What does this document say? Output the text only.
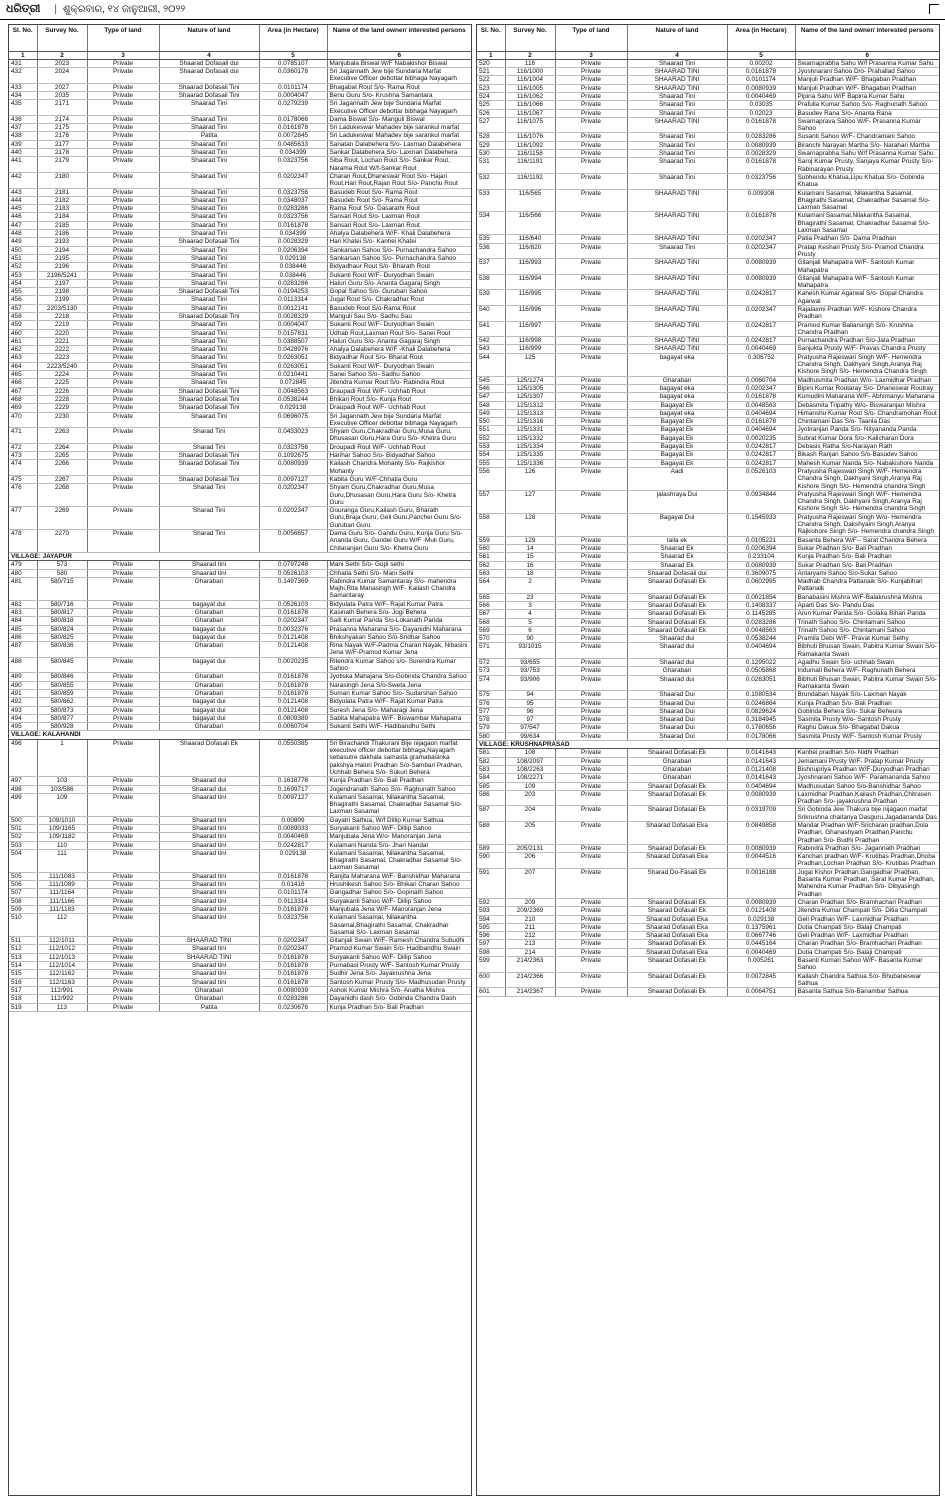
ଧରିତ୍ରୀ | ଶୁକ୍ରବାର, ୧୪ ଜାନୁଆରୀ, ୨୦୨୨
Sl. No.	Survey No.	Type of land	Nature of land	Area (in Hectare)	Name of the land owner/ interested persons
1	2	3	4	5	6
431	2023	Private	Shaarad Dofasali dui	0.0785107	Manjubala Biswal W/F Nabakishor Biswal
432	2024	Private	Shaarad Dofasali dui	0.0360178	Sri Jagannath Jew bije Sundaria Marfat Executive Officer debottar bibhaga Nayagarh
433	2027	Private	Shaarad Dofasali Tini	0.0101174	Bhagabat Rout S/o- Rama Rout
434	2035	Private	Shaarad Dofasali Tini	0.0004047	Benu Guru S/o- Krushna Samantara
435	2171	Private	Shaarad Tini	0.0279239	Sri Jagannath Jew bije Sundaria Marfat Executive Officer debottar bibhaga Nayagarh
436	2174	Private	Shaarad Tini	0.0178066	Dama Biswal S/o- Manguli Biswal
437	2175	Private	Shaarad Tini	0.0161878	Sri Ladukeswar Mahadev bije sarankul marfat
438	2176	Private	Patita	0.0072845	Sri Ladukeswar Mahadev bije sarankul marfat
439	2177	Private	Shaarad Tini	0.0485633	Sanatan Dalabehera S/o- Laxman Dalabehera
440	2178	Private	Shaarad Tini	0.034399	Sankar Dalabehera S/o- Laxman Dalabehera
441	2179	Private	Shaarad Tini	0.0323756	Siba Rout, Lochan Rout S/o- Sankar Rout, Narama Rout W/f-Sankar Rout
442	2180	Private	Shaarad Tini	0.0202347	Charan Rout,Dhaneswar Rout S/o- Hajari Rout,Hari Rout,Rajan Rout S/o- Panchu Rout
443	2181	Private	Shaarad Tini	0.0323756	Basudeb Rout S/o- Rama Rout
444	2182	Private	Shaarad Tini	0.0348037	Basudeb Rout S/o- Rama Rout
445	2183	Private	Shaarad Tini	0.0283286	Rama Rout S/o- Dasarathi Rout
446	2184	Private	Shaarad Tini	0.0323756	Sansari Rout S/o- Laxman Rout
447	2185	Private	Shaarad Tini	0.0161878	Sansari Rout S/o- Laxman Rout
448	2186	Private	Shaarad Tini	0.034399	Ahalya Dalabehera W/F- Khali Dalabehera
449	2193	Private	Shaarad Dofasali Tini	0.0028329	Hari Khatei S/o- Kanhei Khatei
450	2194	Private	Shaarad Tini	0.0206394	Sankarsan Sahoo S/o- Purnachandra Sahoo
451	2195	Private	Shaarad Tini	0.029138	Sankarsan Sahoo S/o- Purnachandra Sahoo
452	2196	Private	Shaarad Tini	0.038446	Bidyadhaur Rout S/o- Bharath Rout
453	2196/5241	Private	Shaarad Tini	0.038446	Sukanti Rout W/F- Duryodhan Swain
454	2197	Private	Shaarad Tini	0.0283286	Haluri Guru S/o- Ananta Gagaraj Singh
455	2198	Private	Shaarad Dofasali Tini	0.0194253	Gopal Sahoo S/o- Gurubari Sahoo
456	2199	Private	Shaarad Tini	0.0113314	Jugal Rout S/o- Chakradhar Rout
457	2203/5130	Private	Shaarad Tini	0.0012141	Basudeb Rout S/o-Rama Rout
458	2218	Private	Shaarad Dofasali Tini	0.0028329	Manguli Sau S/o- Sadhu Sau
459	2219	Private	Shaarad Tini	0.0004047	Sukanti Rout W/F- Duryodhan Swain
460	2220	Private	Shaarad Tini	0.0157831	Udhab Rout,Laxman Rout S/o- Sanei Rout
461	2221	Private	Shaarad Tini	0.0388507	Haluri Guru S/o- Ananta Gagaraj Singh
462	2222	Private	Shaarad Tini	0.0428976	Ahalya Dalabehera W/F -Khali Dalabehera
463	2223	Private	Shaarad Tini	0.0263051	Bidyadhar Rout S/o- Bharat Rout
464	2223/5240	Private	Shaarad Tini	0.0263051	Sukanti Rout W/F- Duryodhan Swain
465	2224	Private	Shaarad Tini	0.0210441	Sanei Sahoo S/o- Sadhu Sahoo
466	2225	Private	Shaarad Tini	0.072845	Jitendra Kumar Rout S/o- Rabindra Rout
467	2226	Private	Shaarad Dofasali Tini	0.0048563	Draupadi Rout W/F- Uchhab Rout
468	2228	Private	Shaarad Dofasali Tini	0.0538244	Bhikari Rout S/o- Kunja Rout
469	2229	Private	Shaarad Dofasali Tini	0.029138	Draupadi Rout W/F- Uchhab Rout
470	2230	Private	Shaarad Tini	0.0696075	Sri Jagannath Jew bije Sundaria Marfat Executive Officer debottar bibhaga Nayagarh
471	2263	Private	Sharad Tini	0.0433023	Shyam Guru,Chakradhar Guru,Musa Guru, Dhusasan Guru,Hara Guru S/o- Khetra Guru
472	2264	Private	Sharad Tini	0.0323756	Droupadi Rout W/F- Uchhab Rout
473	2265	Private	Shaarad Dofasali Tini	0.1092675	Harihar Sahoo S/o- Bidyadhar Sahoo
474	2266	Private	Shaarad Dofasali Tini	0.0080939	Kailash Chandra Mohanty S/o- Rajkishor Mohanty
475	2267	Private	Shaarad Dofasali Tini	0.0097127	Kabita Guru W/F-Chhatia Guru
476	2268	Private	Sharad Tini	0.0202347	Shyam Guru,Chakradhar Guru,Musa Guru,Dhusasan Guru,Hara Guru S/o- Khetra Guru
477	2269	Private	Sharad Tini	0.0202347	Gouranga Guru,Kailash Guru, Bharath Guru,Braja Guru, Geli Guru,Panchei Guru S/o- Gurubari Guru
478	2270	Private	Sharad Tini	0.0056657	Dama Guru S/o- Gandu Guru, Kunja Guru S/o- Ananda Guru, Gandei Guru W/F -Muli Guru, Chitaranjan Guru S/o- Khetra Guru
VILLAGE: JAYAPUR					
479	573	Private	Shaarad tini	0.0797248	Mani Sethi S/o- Gopi sethi
480	580	Private	Shaarad tini	0.0526103	Chhatia Sethi S/o- Mani Sethi
481	580/715	Private	Gharabari	0.1497369	Rabindra Kumar Samantaray S/o- mahendra Majhi,Rita Manasingh W/F- Kailash Chandra Samantaray
482	580/716	Private	bagayat dui	0.0526103	Bidyulata Patra W/F- Rajat Kumar Patra
483	580/817	Private	Gharabari	0.0161878	Kasinath Behera S/o- Jogi Behera
484	580/818	Private	Gharabari	0.0202347	Salil Kumar Parida S/o-Lokanath Parida
485	580/824	Private	bagayat dui	0.0032376	Prasanna Maharana S/o- Dayanidhi Maharana
486	580/825	Private	bagayat dui	0.0121408	Bhikshyakari Sahoo S/o-Sridhar Sahoo
487	580/836	Private	Gharabari	0.0121408	Rina Nayak W/F-Padma Charan Nayak, Nibasini Jena W/F-Pramod Kumar Jena
488	580/845	Private	bagayat dui	0.0020235	Ritendra Kumar Sahoo s/o- Surendra Kumar Sahoo
489	580/846	Private	Gharabari	0.0161878	Jyotiska Mahajana S/o-Gobinda Chandra Sahoo
490	580/855	Private	Gharabari	0.0161878	Narasingh Jena S/o-Sweta Jena
491	580/859	Private	Gharabari	0.0161878	Suman Kumar Sahoo S/o- Sudarshan Sahoo
492	580/862	Private	bagayat dui	0.0121408	Bidyulata Patra W/F- Rajat Kumar Patra
493	580/873	Private	bagayat dui	0.0121408	Suresh Jena S/o- Maharagi Jena
494	580/877	Private	bagayat dui	0.0809389	Sabita Mahapatra W/F- Biswambar Mahapatra
495	580/928	Private	Gharabari	0.0060704	Sukanti Sethi W/F- Hadibandhu Sethi
VILLAGE: KALAHANDI					
496	1	Private	Shaarad Dofasali Ek	0.0550385	Sri Birachandi Thakurani Bije nijagaon marfat executive officer debottar bibhaga,Nayagarh sebasutre dakhala samasta gramabasinka pakshya Haluri Pradhan S/o-Sambari Pradhan, Uchhab Behera S/o- Sukuri Behera
497	103	Private	Shaarad dui	0.1618778	Kunja Pradhan S/o- Bali Pradhan
498	103/586	Private	Shaarad dui	0.1699717	Jogendranath Sahoo S/o- Raghunath Sahoo
499	109	Private	Shaarad tini	0.0097127	Kulamani Sasamal, Nilakantha Sasamal, Bhagirathi Sasamal, Chakradhar Sasamal S/o- Laxman Sasamal
500	109/1010	Private	Shaarad tini	0.00809	Gayatri Sathua, W/f Dillip Kumar Sathua
501	109/1165	Private	Shaarad tini	0.0089033	Suryakanti Sahoo W/F- Dillip Sahoo
502	109/1182	Private	Shaarad tini	0.0040469	Manjubala Jena W/o- Manoranjan Jena
503	110	Private	Shaarad tini	0.0242817	Kulamani Nanda S/o- Jhari Nandal
504	111	Private	Shaarad tini	0.029138	Kulamani Sasamal, Nilakantha Sasamal, Bhagirathi Sasamal, Chakradhar Sasamal S/o- Laxman Sasamal
505	111/1083	Private	Shaarad tini	0.0161878	Ranjita Maharana W/F- Banshidhar Maharana
506	111/1089	Private	Shaarad tini	0.01416	Hrushikesh Sahoo S/o- Bhikari Charan Sahoo
507	111/1164	Private	Shaarad tini	0.0101174	Gangadhar Sahoo S/o- Gopinath Sahoo
508	111/1166	Private	Shaarad tini	0.0113314	Suryakanti Sahoo W/F- Dillip Sahoo
509	111/1183	Private	Shaarad tini	0.0161878	Manjubala Jena W/F- Manoranjan Jena
510	112	Private	Shaarad tini	0.0323756	Kulamani Sasamal, Nilakantha Sasamal,Bhagirathi Sasamal, Chakradhar Sasamal S/o- Laxman Sasamal
511	112/1011	Private	SHAARAD TINI	0.0202347	Gitanjali Swain W/F- Ramesh Chandra Subudhi
512	112/1012	Private	Shaarad tini	0.0202347	Pramod Kumar Swain S/o- Hadibandhu Swain
513	112/1013	Private	SHAARAD TINI	0.0161878	Suryakanti Sahoo W/F- Dillip Sahoo
514	112/1014	Private	Shaarad tini	0.0161878	Purnabasi Prusty W/F- Santosh Kumar Prusty
515	112/1162	Private	Shaarad tini	0.0161878	Sudhir Jena S/o- Jayakrushna Jena
516	112/1163	Private	Shaarad tini	0.0161878	Santosh Kumar Prusty S/o- Madhusudan Prusty
517	112/991	Private	Gharabari	0.0080939	Ashok Kumar Mishra S/o- Anatha Mishra
518	112/992	Private	Gharabari	0.0283286	Dayanidhi dash S/o- Gobinda Chandra Dash
519	113	Private	Patita	0.0230676	Kunja Pradhan S/o- Bali Pradhan
Sl. No.	Survey No.	Type of land	Nature of land	Area (in Hectare)	Name of the land owner/ interested persons
1	2	3	4	5	6
520	116	Private	Shaarad Tini	0.00202	Swarnaprabha Sahu W/f Prasanna Kumar Sahu
521	116/1000	Private	SHAARAD TINI	0.0161878	Jyoshnarani Sahoo D/o- Prahallad Sahoo
522	116/1004	Private	SHAARAD TINI	0.0101174	Manjuli Pradhan W/F- Bhagaban Pradhan
523	116/1005	Private	SHAARAD TINI	0.0080939	Manjuli Pradhan W/F- Bhagaban Pradhan
524	116/1062	Private	Shaarad Tini	0.0040469	Pipina Sahu W/F Bapina Kumar Sahu
525	116/1066	Private	Shaarad Tini	0.03035	Prafulla Kumar Sahoo S/o- Raghunath Sahoo
526	116/1067	Private	Shaarad Tini	0.02023	Basudev Rana S/o- Ananta Rana
527	116/1075	Private	SHAARAD TINI	0.0161878	Swarnaprava Sahoo W/F- Prasanna Kumar Sahoo
528	116/1076	Private	Shaarad Tini	0.0283286	Susanti Sahoo W/F- Chandramani Sahoo
529	116/1092	Private	Shaarad Tini	0.0080939	Biranchi Narayan Martha S/o- Narahari Martha
530	116/1158	Private	Shaarad Tini	0.0028329	Swarnaprabha Sahu W/f Prasanna Kumar Sahu
531	116/1191	Private	Shaarad Tini	0.0161878	Saroj Kumar Prusty, Sanjaya Kumar Prusty S/o- Rabinarayan Prusty
532	116/1192	Private	Shaarad Tini	0.0323756	Subhendu Khatua,Lipu Khatua S/o- Gobinda Khatua
533	116/565	Private	SHAARAD TINI	0.009308	Kulamani Sasamal, Nilakantha Sasamal, Bhagirathi Sasamal, Chakradhar Sasamal S/o- Laxman Sasamal
534	116/566	Private	SHAARAD TINI	0.0161878	Kulamani Sasamal,Nilakantha Sasamal, Bhagirathi Sasamal, Chakradhar Sasamal S/o- Laxman Sasamal
535	116/640	Private	SHAARAD TINI	0.0202347	Patia Pradhan S/o- Dama Pradhan
536	116/820	Private	Shaarad Tini	0.0202347	Pratap Keshari Prusty S/o- Pramod Chandra Prusty
537	116/993	Private	SHAARAD TINI	0.0080939	Gitanjali Mahapatra W/F- Santosh Kumar Mahapatra
538	116/994	Private	SHAARAD TINI	0.0080939	Gitanjali Mahapatra W/F- Santosh Kumar Mahapatra
539	116/995	Private	SHAARAD TINI	0.0242817	Kahesh Kumar Agarwal S/o- Gopal Chandra Agarwal
540	116/996	Private	SHAARAD TINI	0.0202347	Rajalaxmi Pradhan W/F- Kishore Chandra Pradhan
541	116/997	Private	SHAARAD TINI	0.0242817	Pramod Kumar Baliarsingh S/o- Krushna Chandra Pradhan
542	116/998	Private	SHAARAD TINI	0.0242817	Purnachandra Pradhan S/o-Jata Pradhan
543	116/999	Private	SHAARAD TINI	0.0040469	Sanjukta Prusty W/F- Pravas Chandra Prusty
544	125	Private	bagayat eka	0.306752	Pratyusha Rajeswari Singh W/F- Hemendra Chandra Singh, Dakhyani Singh,Aranya Raj Kishore Singh S/o- Hemendra Chandra Singh
545	125/1274	Private	Gharabari	0.0060704	Madhusmita Pradhan W/o- Laxmidhar Pradhan
546	125/1305	Private	bagayat eka	0.0202347	Bipini Kumar Routaray S/o- Dhaneswar Routray
547	125/1307	Private	bagayat eka	0.0161878	Kumudini Maharana W/F- Abhimanyu Maharana
548	125/1312	Private	Bagayat Ek	0.0048563	Debasmita Tripathy W/o- Biswaranjan Mishra
549	125/1313	Private	bagayat eka	0.0404694	Himanshu Kumar Rout S/o- Chandramohan Rout
550	125/1316	Private	Bagayat Ek	0.0161878	Chintamani Das S/o- Taanla Das
551	125/1331	Private	Bagayat Ek	0.0404694	Jyotiranjan Panda S/o- Nityananda Panda
552	125/1332	Private	Bagayat Ek	0.0020235	Subrat Kumar Dora S/o- Kalicharan Dora
553	125/1334	Private	Bagayat Ek	0.0242817	Debasis Ratha S/o-Narayan Rath
554	125/1335	Private	Bagayat Ek	0.0242817	Bikash Ranjan Sahoo S/o-Basudev Sahoo
555	125/1336	Private	Bagayat Ek	0.0242817	Mahesh Kumar Nanda S/o- Nabakishore Nanda
556	126	Private	Aadi	0.0526103	Pratyusha Rajeswari Singh W/F- Hemendra Chandra Singh, Dakhyani Singh,Aranya Raj Kishore Singh S/o- Hemendra chandra Singh
557	127	Private	jalashraya Dui	0.0934844	Pratyusha Rajeswari Singh W/F- Hemendra Chandra Singh, Dakhyani Singh,Aranya Raj Kishore Singh S/o- Hemendra chandra Singh
558	128	Private	Bagayat Dui	0.1545933	Pratyusha Rajeswari Singh W/o- Hemendra Chandra Singh, Dakshyaini Singh,Aranya Rajkishore Singh S/o- Hemendra chandra Singh
559	129	Private	taila ek	0.0105221	Basanta Behera W/F-- Sarat Chandra Behera
560	14	Private	Shaarad Ek	0.0206394	Sukar Pradhan S/o- Bali Pradhan
561	15	Private	Shaarad Ek	0.233104	Kunja Pradhan S/o- Bali Pradhan
562	16	Private	Shaarad Ek	0.0080939	Sukar Pradhan S/o- Bali Pradhan
563	18	Private	Shaarad Dofasali dui	0.3609075	Antaryami Sahoo S/o-Sukar Sahoo
564	2	Private	Shaarad Dofasali Ek	0.0602995	Madhab Chandra Pattanaik S/o- Kunjabihari Pattanaik
565	23	Private	Shaarad Dofasali Ek	0.0021854	Banabasini Mishra W/F-Balakrushna Mishra
566	3	Private	Shaarad Dofasali Ek	0.1408337	Aparti Das S/o- Pandu Das
567	4	Private	Shaarad Dofasali Ek	0.1145285	Arun Kumar Parida S/o- Golaka Bihari Parida
568	5	Private	Shaarad Dofasali Ek	0.0283286	Trinath Sahoo S/o- Chintamani Sahoo
569	6	Private	Shaarad Dofasali Ek	0.0048563	Trinath Sahoo S/o- Chintamani Sahoo
570	90	Private	Shaarad dui	0.0538244	Pramila Debi W/F- Pravat Kumar Sethy
571	93/1015	Private	Shaarad dui	0.0404694	Bibhuti Bhusan Swain, Pabitra Kumar Swain S/o- Ramakanta Swain
572	93/655	Private	Shaarad dui	0.1295022	Agadhu Swain S/o- uchhab Swain
573	93/753	Private	Gharabari	0.0505868	Indumati Behera W/F- Raghunath Behera
574	93/906	Private	Shaarad dui	0.0263051	Bibhuti Bhusan Swain, Pabitra Kumar Swain S/o- Ramakanta Swain
575	94	Private	Shaarad Dui	0.1080534	Brundaban Nayak S/o- Laxman Nayak
576	95	Private	Shaarad Dui	0.0246864	Kunja Pradhan S/o- Bali Pradhan
577	96	Private	Shaarad Dui	0.0829624	Gobinda Behera S/o- Sukar Beheura
578	97	Private	Shaarad Dui	0.3184945	Sasmita Prusty W/o- Santosh Prusty
579	97/547	Private	Shaarad Dui	0.1780656	Raghu Dakua S/o- Bhagabat Dakua
580	99/634	Private	Shaarad Dui	0.0178066	Sasmita Prusty W/F- Santosh Kumar Prusty
VILLAGE: KRUSHNAPRASAD					
581	108	Private	Shaarad Dofasali Ek	0.0141643	Kanhei pradhan S/o- Nidhi Pradhan
582	108/2097	Private	Gharabari	0.0141643	Jemamani Prusty W/F- Pratap Kumar Prusty
583	108/2263	Private	Gharabari	0.0121408	Bishnupriya Pradhan W/F-Duryodhan Pradhan
584	108/2271	Private	Gharabari	0.0141643	Jyoshnarani Sahoo W/F- Paramananda Sahoo
585	109	Private	Shaarad Dofasali Ek	0.0404694	Madhusudan Sahoo S/o-Banshidhar Sahoo
586	203	Private	Shaarad Dofasali Ek	0.0080939	Laxmidhar Pradhan,Kailash Pradhan,Chitrasen Pradhan S/o- jayakrushna Pradhan
587	204	Private	Shaarad Dofasali Ek	0.0319709	Sri Gobinda Jew Thakura bije nijagaon marfat Srikrushna chaitanya Dasguru,Jagadananda Das
588	205	Private	Shaarad Dofasali Eka	0.0849858	Mandar Pradhan W/F-Sricharan pradhan,Dola Pradhan, Ghanashyam Pradhan,Panchu Pradhan S/o- Budhi Pradhan
589	205/2131	Private	Shaarad Dofasali Ek	0.0080939	Rabindra Pradhan S/o- Jagannath Pradhan
590	206	Private	Shaarad Dofasali Eka	0.0044516	Kanchan pradhan W/F- Krutibas Pradhan,Dhoba Pradhan,Lochan Pradhan S/o- Krutibas Pradhan
591	207	Private	Sharad Do-Fasali Ek	0.0016188	Jugal Kishor Pradhan,Gangadhar Pradhan, Basanta Kumar Pradhan, Sarat Kumar Pradhan, Mahendra Kumar Pradhan S/o- Dibyasingh Pradhan
592	209	Private	Shaarad Dofasali Ek	0.0080939	Charan Pradhan S/o- Bramhachari Pradhan
593	209/2369	Private	Shaarad Dofasali Ek	0.0121408	Jitendra Kumar Champati S/o- Ditia Champati
594	210	Private	Shaarad Dofasali Eka	0.029138	Geli Pradhan W/F- Laxmidhar Pradhan
595	211	Private	Shaarad Dofasali Eka	0.1375961	Dutia Champati S/o- Balaji Champati
596	212	Private	Shaarad Dofasali Eka	0.0667746	Geli Pradhan W/F- Laxmidhar Pradhan
597	213	Private	Shaarad Dofasali Ek	0.0445164	Charan Pradhan S/o- Bramhachari Pradhan
598	214	Private	Shaarad Dofasali Eka	0.0040469	Dutia Champati S/o- Balaji Champati
599	214/2363	Private	Shaarad Dofasali Ek	0.005261	Basanti Kumari Sahoo W/F- Basanta Kumar Sahoo
600	214/2366	Private	Shaarad Dofasali Ek	0.0072845	Kailash Chandra Sathua S/o- Bhubaneswar Sathua
601	214/2367	Private	Shaarad Dofasali Ek	0.0064751	Basanta Sathua S/o-Banambar Sathua
